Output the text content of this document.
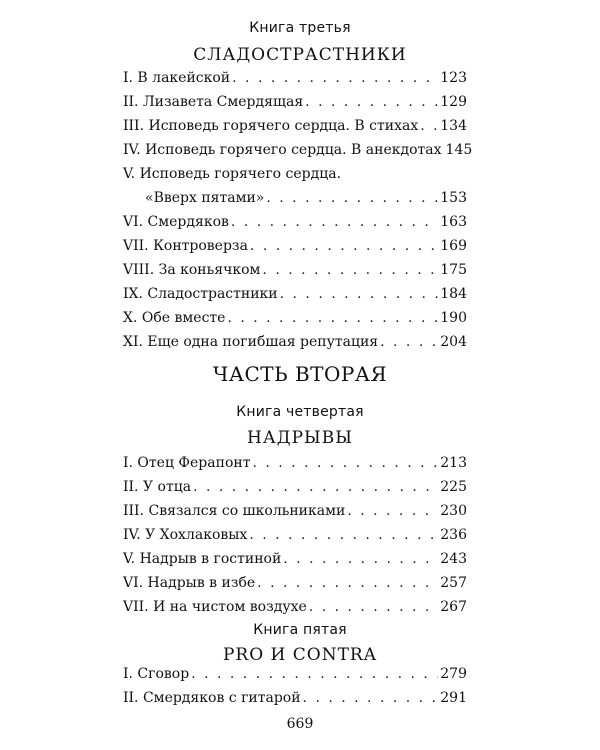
Книга третья
СЛАДОСТРАСТНИКИ
I. В лакейской . . .	123
II. Лизавета Смердящая . . .	129
III. Исповедь горячего сердца. В стихах . . . 134
IV. Исповедь горячего сердца. В анекдотах 145
V. Исповедь горячего сердца.
«Вверх пятами» . . .	153
VI. Смердяков . . .	163
VII. Контроверза . . .	169
VIII. За коньячком . . .	175
IX. Сладострастники . . .	184
X. Обе вместе . . .	190
XI. Еще одна погибшая репутация . . .	204
ЧАСТЬ ВТОРАЯ
Книга четвертая
НАДРЫВЫ
I. Отец Ферапонт . . .	213
II. У отца . . .	225
III. Связался со школьниками . . .	230
IV. У Хохлаковых . . .	236
V. Надрыв в гостиной . . .	243
VI. Надрыв в избе . . .	257
VII. И на чистом воздухе . . .	267
Книга пятая
PRO И CONTRA
I. Сговор . . .	279
II. Смердяков с гитарой . . .	291
669
